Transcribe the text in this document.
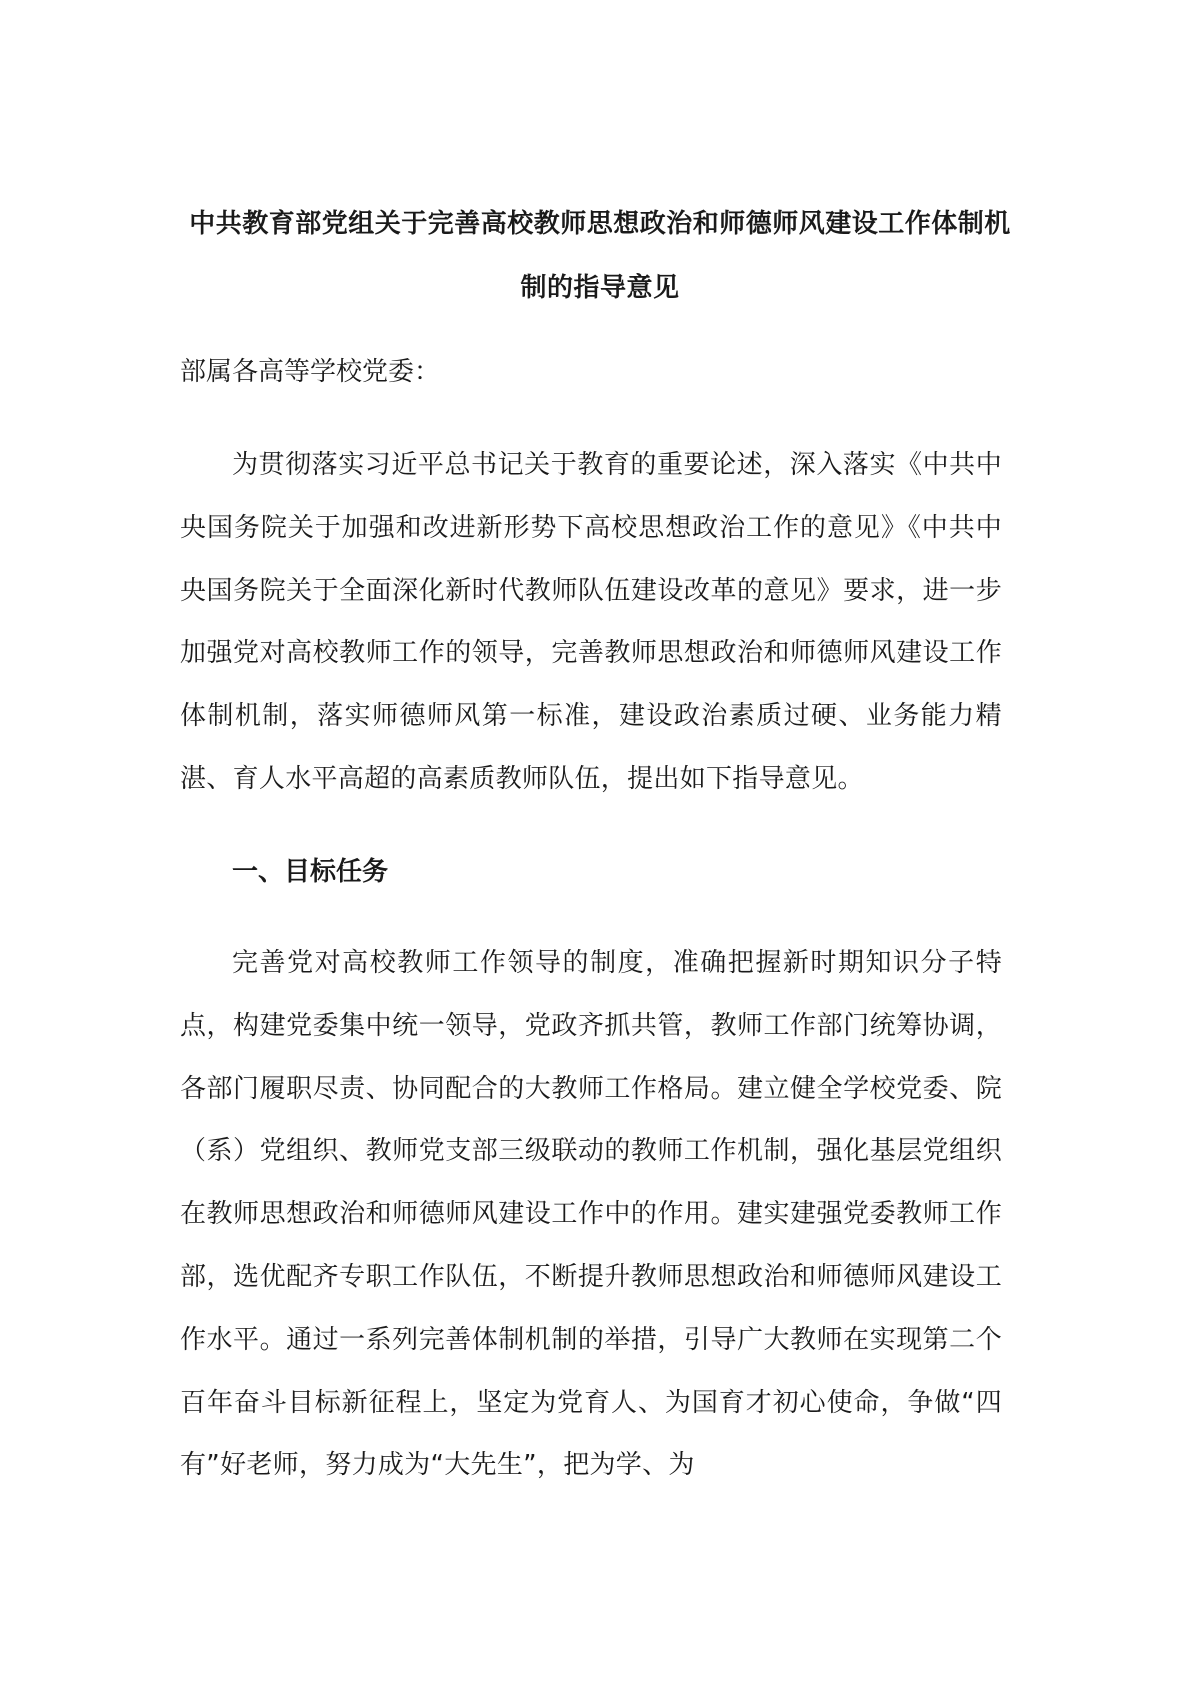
中共教育部党组关于完善高校教师思想政治和师德师风建设工作体制机制的指导意见

部属各高等学校党委：

为贯彻落实习近平总书记关于教育的重要论述，深入落实《中共中央国务院关于加强和改进新形势下高校思想政治工作的意见》《中共中央国务院关于全面深化新时代教师队伍建设改革的意见》要求，进一步加强党对高校教师工作的领导，完善教师思想政治和师德师风建设工作体制机制，落实师德师风第一标准，建设政治素质过硬、业务能力精湛、育人水平高超的高素质教师队伍，提出如下指导意见。

一、目标任务

完善党对高校教师工作领导的制度，准确把握新时期知识分子特点，构建党委集中统一领导，党政齐抓共管，教师工作部门统筹协调，各部门履职尽责、协同配合的大教师工作格局。建立健全学校党委、院（系）党组织、教师党支部三级联动的教师工作机制，强化基层党组织在教师思想政治和师德师风建设工作中的作用。建实建强党委教师工作部，选优配齐专职工作队伍，不断提升教师思想政治和师德师风建设工作水平。通过一系列完善体制机制的举措，引导广大教师在实现第二个百年奋斗目标新征程上，坚定为党育人、为国育才初心使命，争做“四有”好老师，努力成为“大先生”，把为学、为
